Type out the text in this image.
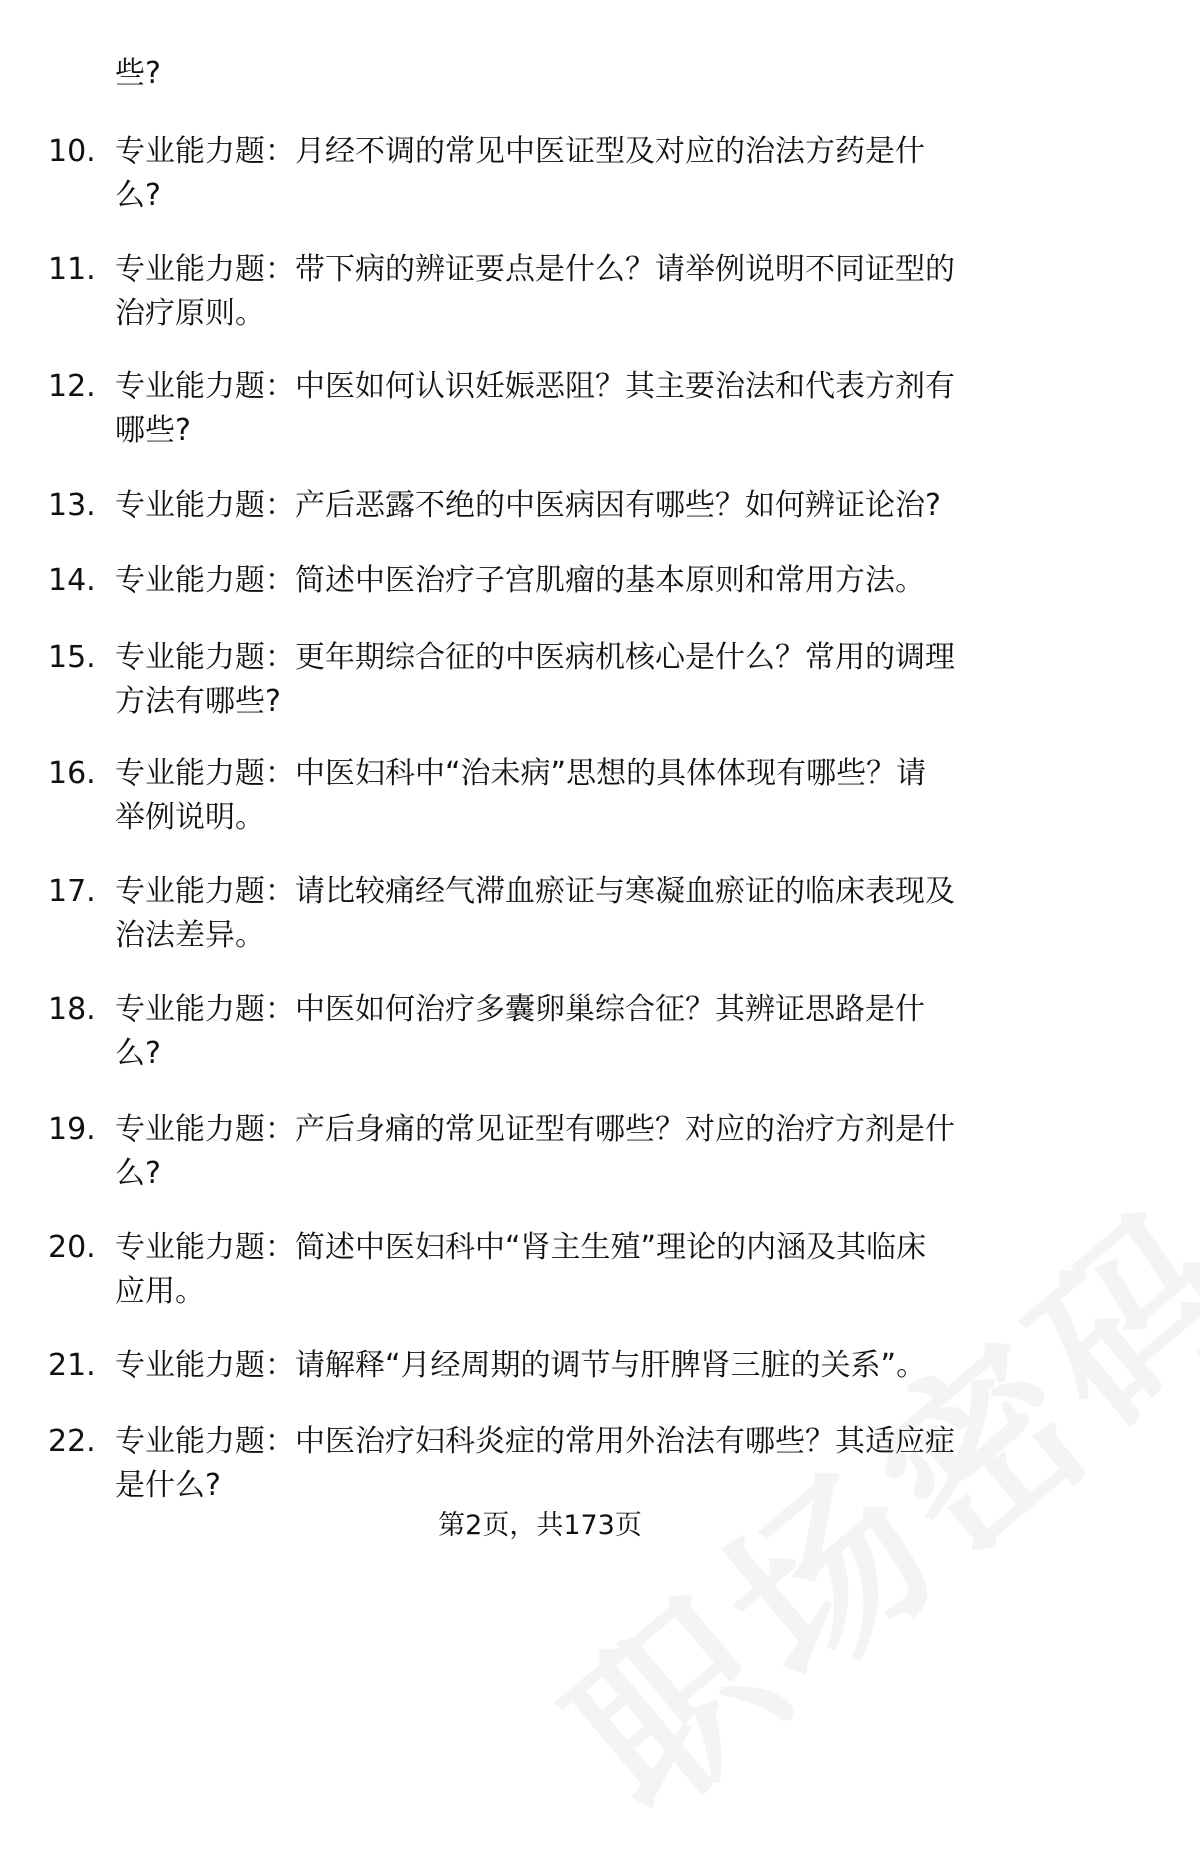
些?
10. 专业能力题：月经不调的常见中医证型及对应的治法方药是什
么?
11. 专业能力题：带下病的辨证要点是什么？请举例说明不同证型的
治疗原则。
12. 专业能力题：中医如何认识妊娠恶阻？其主要治法和代表方剂有
哪些?
13. 专业能力题：产后恶露不绝的中医病因有哪些？如何辨证论治?
14. 专业能力题：简述中医治疗子宫肌瘤的基本原则和常用方法。
15. 专业能力题：更年期综合征的中医病机核心是什么？常用的调理
方法有哪些?
16. 专业能力题：中医妇科中“治未病”思想的具体体现有哪些？请
举例说明。
17. 专业能力题：请比较痛经气滞血瘀证与寒凝血瘀证的临床表现及
治法差异。
18. 专业能力题：中医如何治疗多囊卵巢综合征？其辨证思路是什
么?
19. 专业能力题：产后身痛的常见证型有哪些？对应的治疗方剂是什
么?
20. 专业能力题：简述中医妇科中“肾主生殖”理论的内涵及其临床
应用。
21. 专业能力题：请解释“月经周期的调节与肝脾肾三脏的关系”。
22. 专业能力题：中医治疗妇科炎症的常用外治法有哪些？其适应症
是什么?
第2页，共173页
